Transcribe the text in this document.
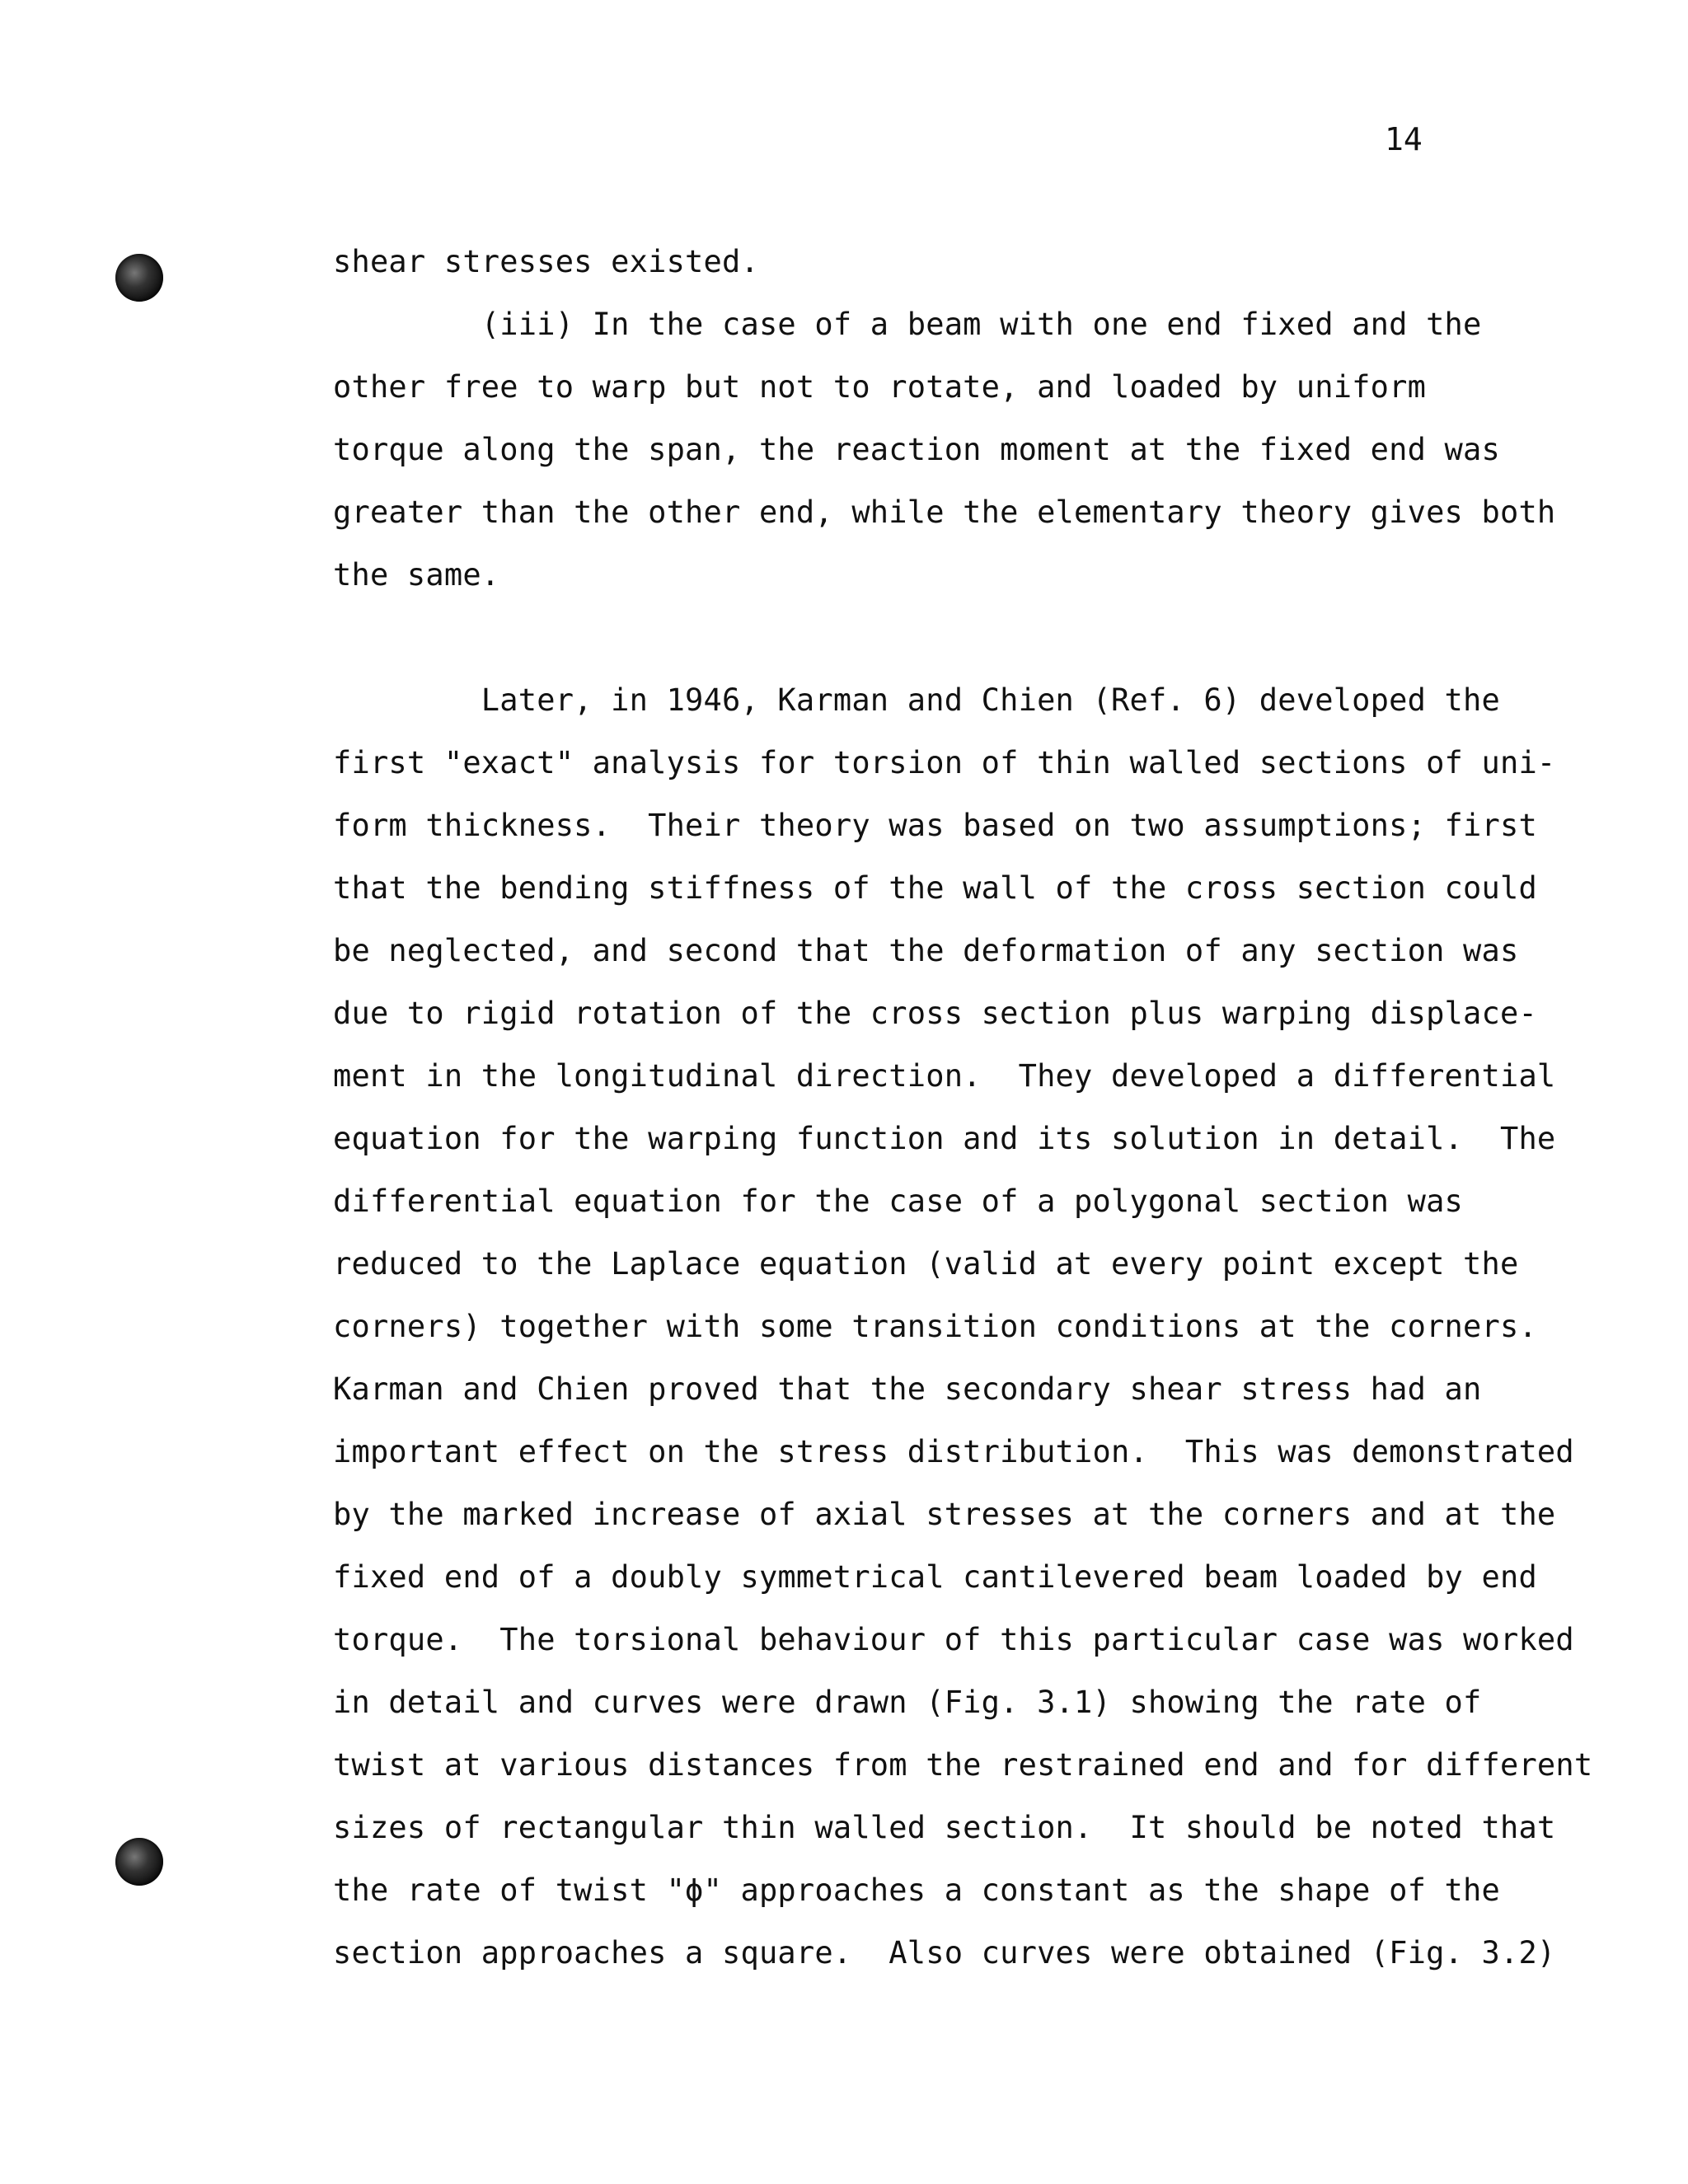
14
shear stresses existed.
(iii) In the case of a beam with one end fixed and the
other free to warp but not to rotate, and loaded by uniform
torque along the span, the reaction moment at the fixed end was
greater than the other end, while the elementary theory gives both
the same.
Later, in 1946, Karman and Chien (Ref. 6) developed the
first "exact" analysis for torsion of thin walled sections of uni-
form thickness.  Their theory was based on two assumptions; first
that the bending stiffness of the wall of the cross section could
be neglected, and second that the deformation of any section was
due to rigid rotation of the cross section plus warping displace-
ment in the longitudinal direction.  They developed a differential
equation for the warping function and its solution in detail.  The
differential equation for the case of a polygonal section was
reduced to the Laplace equation (valid at every point except the
corners) together with some transition conditions at the corners.
Karman and Chien proved that the secondary shear stress had an
important effect on the stress distribution.  This was demonstrated
by the marked increase of axial stresses at the corners and at the
fixed end of a doubly symmetrical cantilevered beam loaded by end
torque.  The torsional behaviour of this particular case was worked
in detail and curves were drawn (Fig. 3.1) showing the rate of
twist at various distances from the restrained end and for different
sizes of rectangular thin walled section.  It should be noted that
the rate of twist "ϕ" approaches a constant as the shape of the
section approaches a square.  Also curves were obtained (Fig. 3.2)
